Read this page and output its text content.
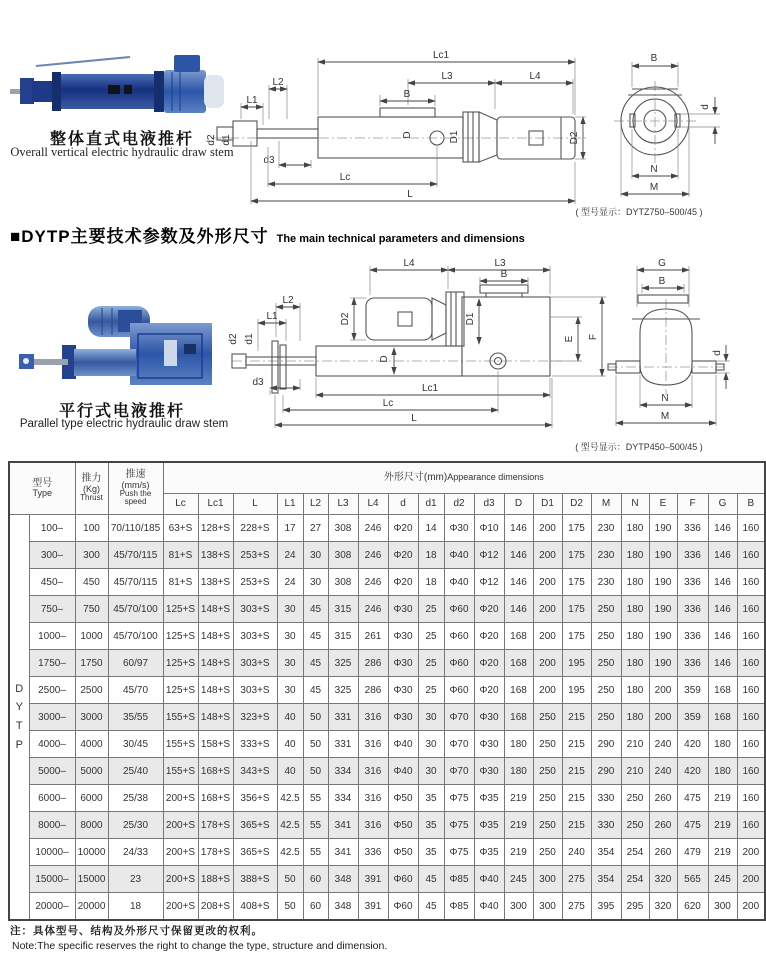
整体直式电液推杆
Overall vertical electric hydraulic draw stem
Lc1
L3	L4
B
L2
L1
d2 d1
d3
D	D1	D2
Lc
L
B
d
N
M
( 型号显示：DYTZ750–500/45 )
■DYTP主要技术参数及外形尺寸 The main technical parameters and dimensions
平行式电液推杆
Parallel type electric hydraulic draw stem
L4	L3
B
D2	D1
D
L2
L1
d2 d1
d3
Lc1
Lc
L
E F
G
B
d
N
M
( 型号显示：DYTP450–500/45 )
型号
Type		推力
(Kg)
Thrust	推速
(mm/s)
Push the speed	外形尺寸(mm)Appearance dimensions																			
				Lc	Lc1	L	L1	L2	L3	L4	d	d1	d2	d3	D	D1	D2	M	N	E	F	G	B

D
Y
T
P	100–	100	70/110/185	63+S	128+S	228+S	17	27	308	246	Φ20	14	Φ30	Φ10	146	200	175	230	180	190	336	146	160
	300–	300	45/70/115	81+S	138+S	253+S	24	30	308	246	Φ20	18	Φ40	Φ12	146	200	175	230	180	190	336	146	160
	450–	450	45/70/115	81+S	138+S	253+S	24	30	308	246	Φ20	18	Φ40	Φ12	146	200	175	230	180	190	336	146	160
	750–	750	45/70/100	125+S	148+S	303+S	30	45	315	246	Φ30	25	Φ60	Φ20	146	200	175	250	180	190	336	146	160
	1000–	1000	45/70/100	125+S	148+S	303+S	30	45	315	261	Φ30	25	Φ60	Φ20	168	200	175	250	180	190	336	146	160
	1750–	1750	60/97	125+S	148+S	303+S	30	45	325	286	Φ30	25	Φ60	Φ20	168	200	195	250	180	190	336	146	160
	2500–	2500	45/70	125+S	148+S	303+S	30	45	325	286	Φ30	25	Φ60	Φ20	168	200	195	250	180	200	359	168	160
	3000–	3000	35/55	155+S	148+S	323+S	40	50	331	316	Φ30	30	Φ70	Φ30	168	250	215	250	180	200	359	168	160
	4000–	4000	30/45	155+S	158+S	333+S	40	50	331	316	Φ40	30	Φ70	Φ30	180	250	215	290	210	240	420	180	160
	5000–	5000	25/40	155+S	168+S	343+S	40	50	334	316	Φ40	30	Φ70	Φ30	180	250	215	290	210	240	420	180	160
	6000–	6000	25/38	200+S	168+S	356+S	42.5	55	334	316	Φ50	35	Φ75	Φ35	219	250	215	330	250	260	475	219	160
	8000–	8000	25/30	200+S	178+S	365+S	42.5	55	341	316	Φ50	35	Φ75	Φ35	219	250	215	330	250	260	475	219	160
	10000–	10000	24/33	200+S	178+S	365+S	42.5	55	341	336	Φ50	35	Φ75	Φ35	219	250	240	354	254	260	479	219	200
	15000–	15000	23	200+S	188+S	388+S	50	60	348	391	Φ60	45	Φ85	Φ40	245	300	275	354	254	320	565	245	200
	20000–	20000	18	200+S	208+S	408+S	50	60	348	391	Φ60	45	Φ85	Φ40	300	300	275	395	295	320	620	300	200
注：具体型号、结构及外形尺寸保留更改的权利。
Note:The specific reserves the right to change the type, structure and dimension.
